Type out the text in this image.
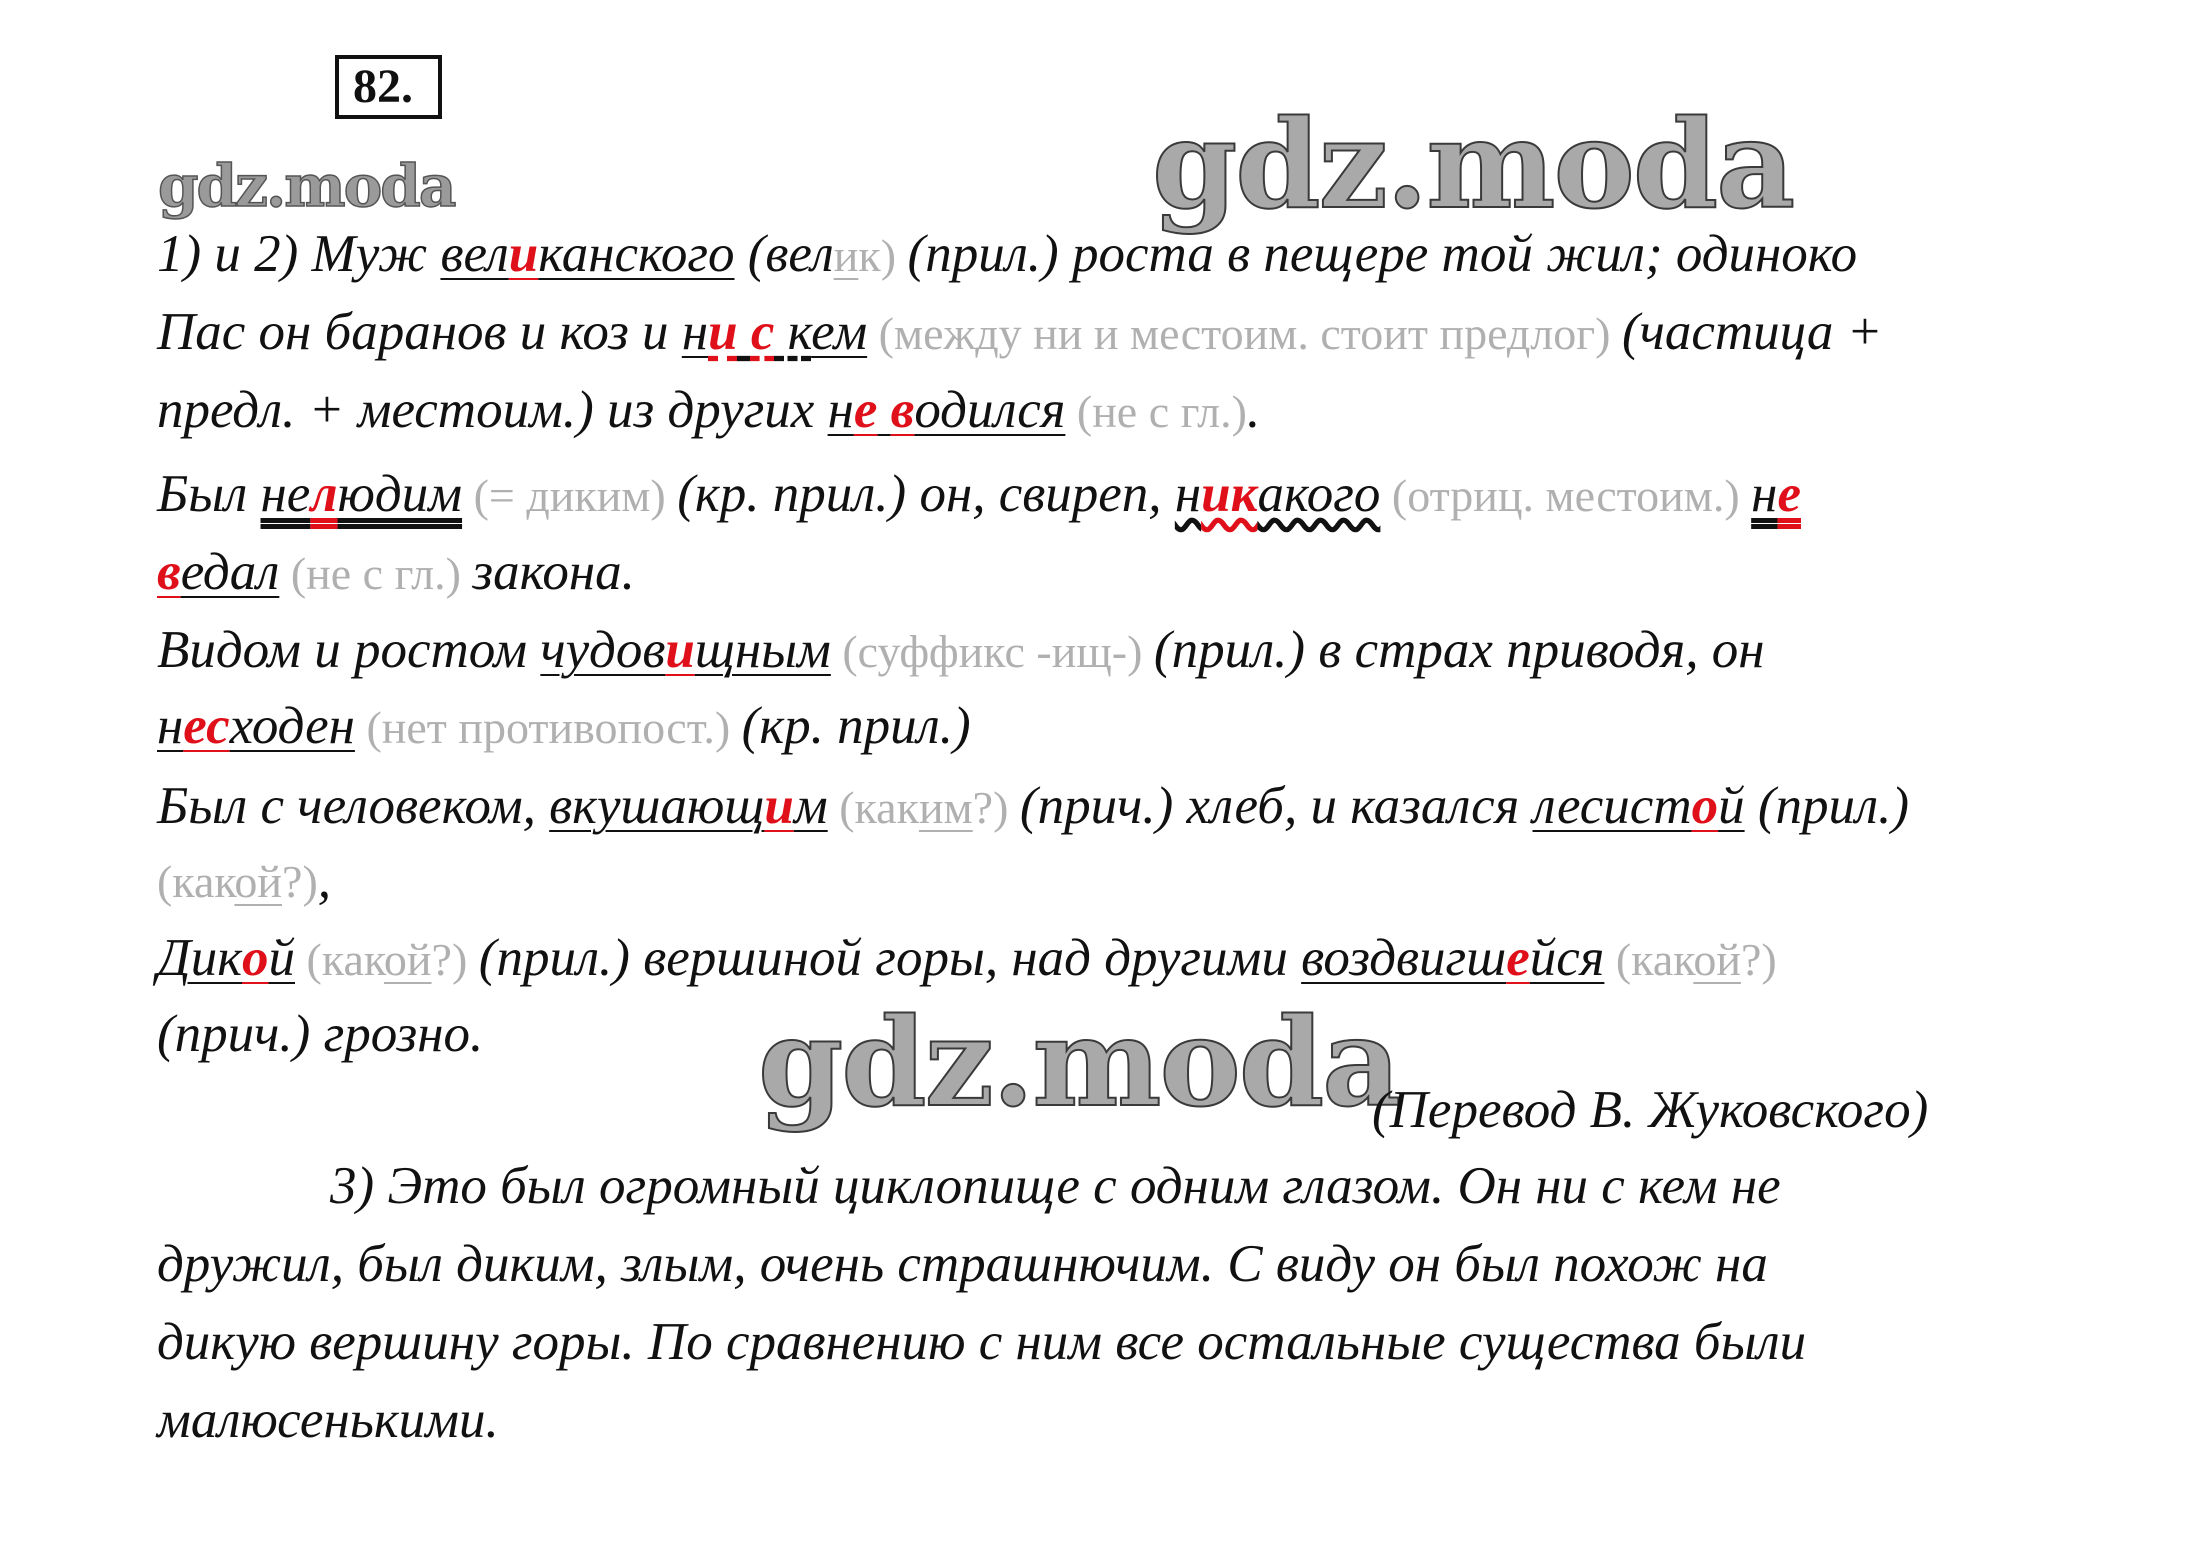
82.
gdz.moda	gdz.moda
1) и 2) Муж великанского (велик) (прил.) роста в пещере той жил; одиноко
Пас он баранов и коз и ни с кем (между ни и местоим. стоит предлог) (частица +
предл. + местоим.) из других не водился (не с гл.).
Был нелюдим (= диким) (кр. прил.) он, свиреп, никакого (отриц. местоим.) не
ведал (не с гл.) закона.
Видом и ростом чудовищным (суффикс -ищ-) (прил.) в страх приводя, он
несходен (нет противопост.) (кр. прил.)
Был с человеком, вкушающим (каким?) (прич.) хлеб, и казался лесистой (прил.)
(какой?),
Дикой (какой?) (прил.) вершиной горы, над другими воздвигшейся (какой?)
(прич.) грозно. gdz.moda
(Перевод В. Жуковского)
3) Это был огромный циклопище с одним глазом. Он ни с кем не
дружил, был диким, злым, очень страшнючим. С виду он был похож на
дикую вершину горы. По сравнению с ним все остальные существа были
малюсенькими.
